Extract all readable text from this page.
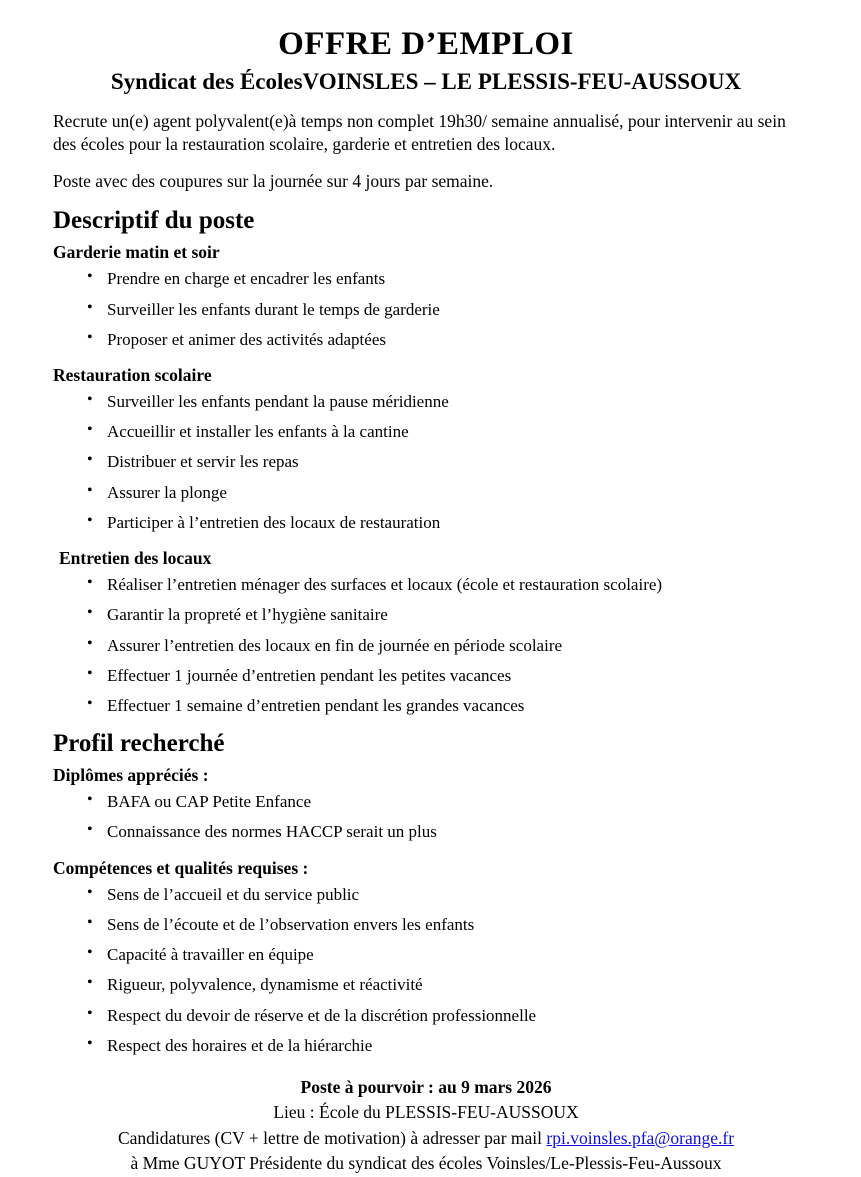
OFFRE D’EMPLOI
Syndicat des ÉcolesVOINSLES – LE PLESSIS-FEU-AUSSOUX

Recrute un(e) agent polyvalent(e)à temps non complet 19h30/ semaine annualisé, pour intervenir au sein des écoles pour la restauration scolaire, garderie et entretien des locaux.

Poste avec des coupures sur la journée sur 4 jours par semaine.

Descriptif du poste
Garderie matin et soir
• Prendre en charge et encadrer les enfants
• Surveiller les enfants durant le temps de garderie
• Proposer et animer des activités adaptées
Restauration scolaire
• Surveiller les enfants pendant la pause méridienne
• Accueillir et installer les enfants à la cantine
• Distribuer et servir les repas
• Assurer la plonge
• Participer à l’entretien des locaux de restauration
Entretien des locaux
• Réaliser l’entretien ménager des surfaces et locaux (école et restauration scolaire)
• Garantir la propreté et l’hygiène sanitaire
• Assurer l’entretien des locaux en fin de journée en période scolaire
• Effectuer 1 journée d’entretien pendant les petites vacances
• Effectuer 1 semaine d’entretien pendant les grandes vacances
Profil recherché
Diplômes appréciés :
• BAFA ou CAP Petite Enfance
• Connaissance des normes HACCP serait un plus
Compétences et qualités requises :
• Sens de l’accueil et du service public
• Sens de l’écoute et de l’observation envers les enfants
• Capacité à travailler en équipe
• Rigueur, polyvalence, dynamisme et réactivité
• Respect du devoir de réserve et de la discrétion professionnelle
• Respect des horaires et de la hiérarchie
Poste à pourvoir : au 9 mars 2026
Lieu : École du PLESSIS-FEU-AUSSOUX
Candidatures (CV + lettre de motivation) à adresser par mail rpi.voinsles.pfa@orange.fr
à Mme GUYOT Présidente du syndicat des écoles Voinsles/Le-Plessis-Feu-Aussoux
